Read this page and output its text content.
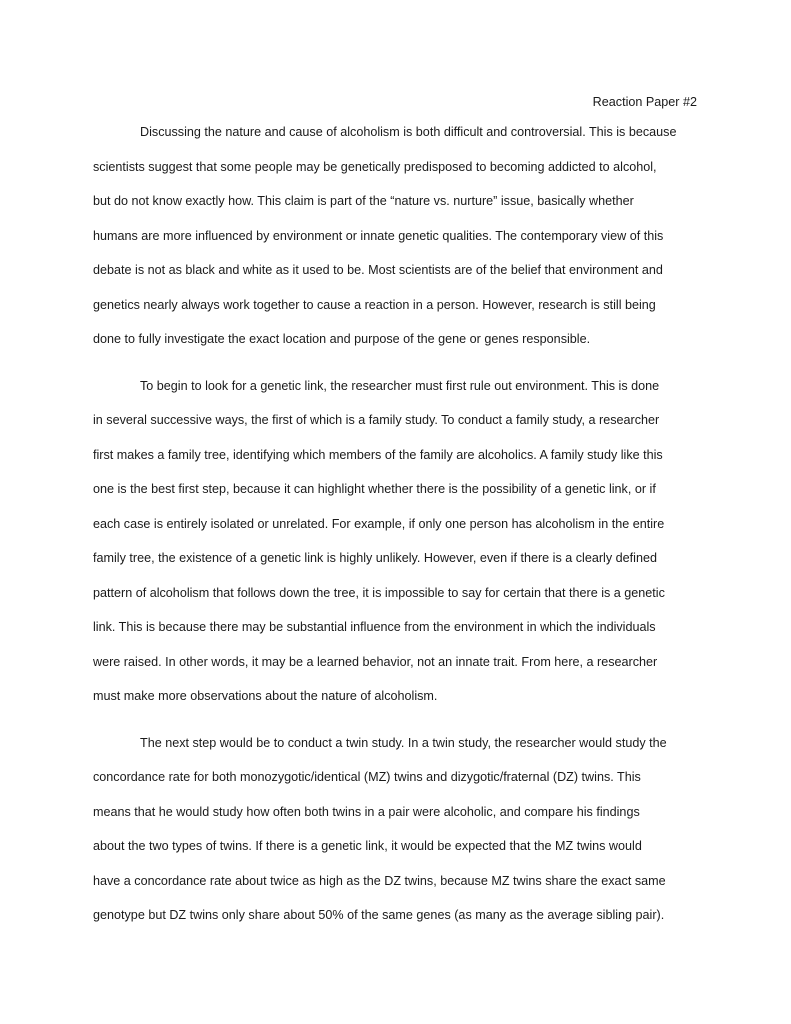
Reaction Paper #2
Discussing the nature and cause of alcoholism is both difficult and controversial. This is because
scientists suggest that some people may be genetically predisposed to becoming addicted to alcohol,
but do not know exactly how. This claim is part of the “nature vs. nurture” issue, basically whether
humans are more influenced by environment or innate genetic qualities. The contemporary view of this
debate is not as black and white as it used to be. Most scientists are of the belief that environment and
genetics nearly always work together to cause a reaction in a person. However, research is still being
done to fully investigate the exact location and purpose of the gene or genes responsible.
To begin to look for a genetic link, the researcher must first rule out environment. This is done
in several successive ways, the first of which is a family study. To conduct a family study, a researcher
first makes a family tree, identifying which members of the family are alcoholics. A family study like this
one is the best first step, because it can highlight whether there is the possibility of a genetic link, or if
each case is entirely isolated or unrelated. For example, if only one person has alcoholism in the entire
family tree, the existence of a genetic link is highly unlikely. However, even if there is a clearly defined
pattern of alcoholism that follows down the tree, it is impossible to say for certain that there is a genetic
link. This is because there may be substantial influence from the environment in which the individuals
were raised. In other words, it may be a learned behavior, not an innate trait. From here, a researcher
must make more observations about the nature of alcoholism.
The next step would be to conduct a twin study. In a twin study, the researcher would study the
concordance rate for both monozygotic/identical (MZ) twins and dizygotic/fraternal (DZ) twins. This
means that he would study how often both twins in a pair were alcoholic, and compare his findings
about the two types of twins. If there is a genetic link, it would be expected that the MZ twins would
have a concordance rate about twice as high as the DZ twins, because MZ twins share the exact same
genotype but DZ twins only share about 50% of the same genes (as many as the average sibling pair).
